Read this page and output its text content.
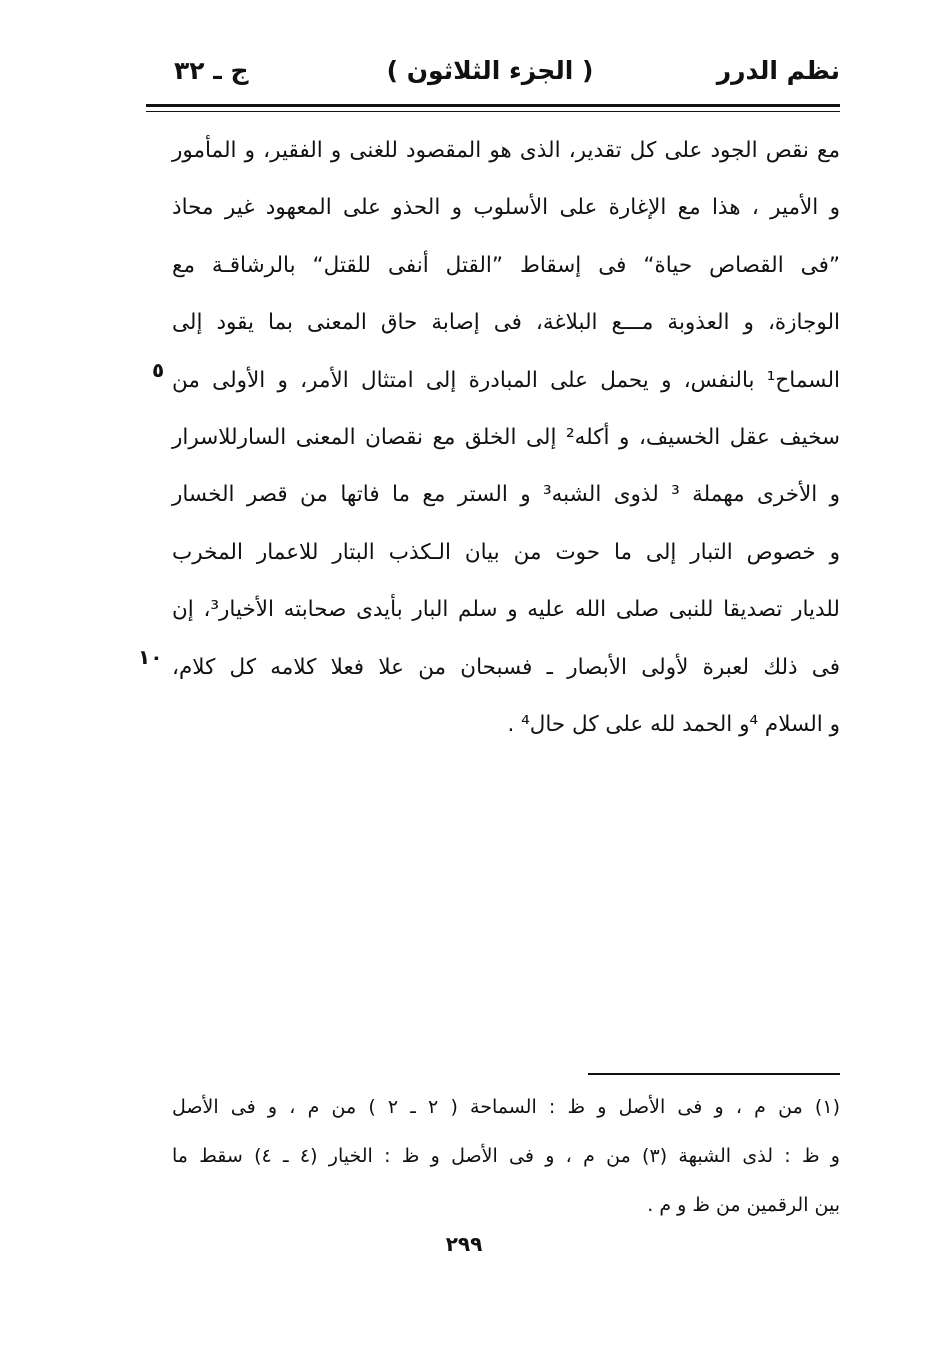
نظم الدرر
( الجزء الثلاثون )
ج ـ ٣٢
مع نقص الجود على كل تقدير، الذى هو المقصود للغنى و الفقير، و المأمور
و الأمير ، هذا مع الإغارة على الأسلوب و الحذو على المعهود غير محاذ
”فى القصاص حياة“ فى إسقاط ”القتل أنفى للقتل“ بالرشاقـة مع
الوجازة، و العذوبة مـــع البلاغة، فى إصابة حاق المعنى بما يقود إلى
السماح¹ بالنفس، و يحمل على المبادرة إلى امتثال الأمر، و الأولى من
سخيف عقل الخسيف، و أكله² إلى الخلق مع نقصان المعنى السارللاسرار
و الأخرى مهملة ³ لذوى الشبه³ و الستر مع ما فاتها من قصر الخسار
و خصوص التبار إلى ما حوت من بيان الـكذب البتار للاعمار المخرب
للديار تصديقا للنبى صلى الله عليه و سلم البار بأيدى صحابته الأخيار³، إن
فى ذلك لعبرة لأولى الأبصار ـ فسبحان من علا فعلا كلامه كل كلام،
و السلام ⁴و الحمد لله على كل حال⁴ .
٥
١٠
(١) من م ، و فى الأصل و ظ : السماحة ( ٢ ـ ٢ ) من م ، و فى الأصل
و ظ : لذى الشبهة (٣) من م ، و فى الأصل و ظ : الخيار (٤ ـ ٤) سقط ما
بين الرقمين من ظ و م .
٢٩٩
